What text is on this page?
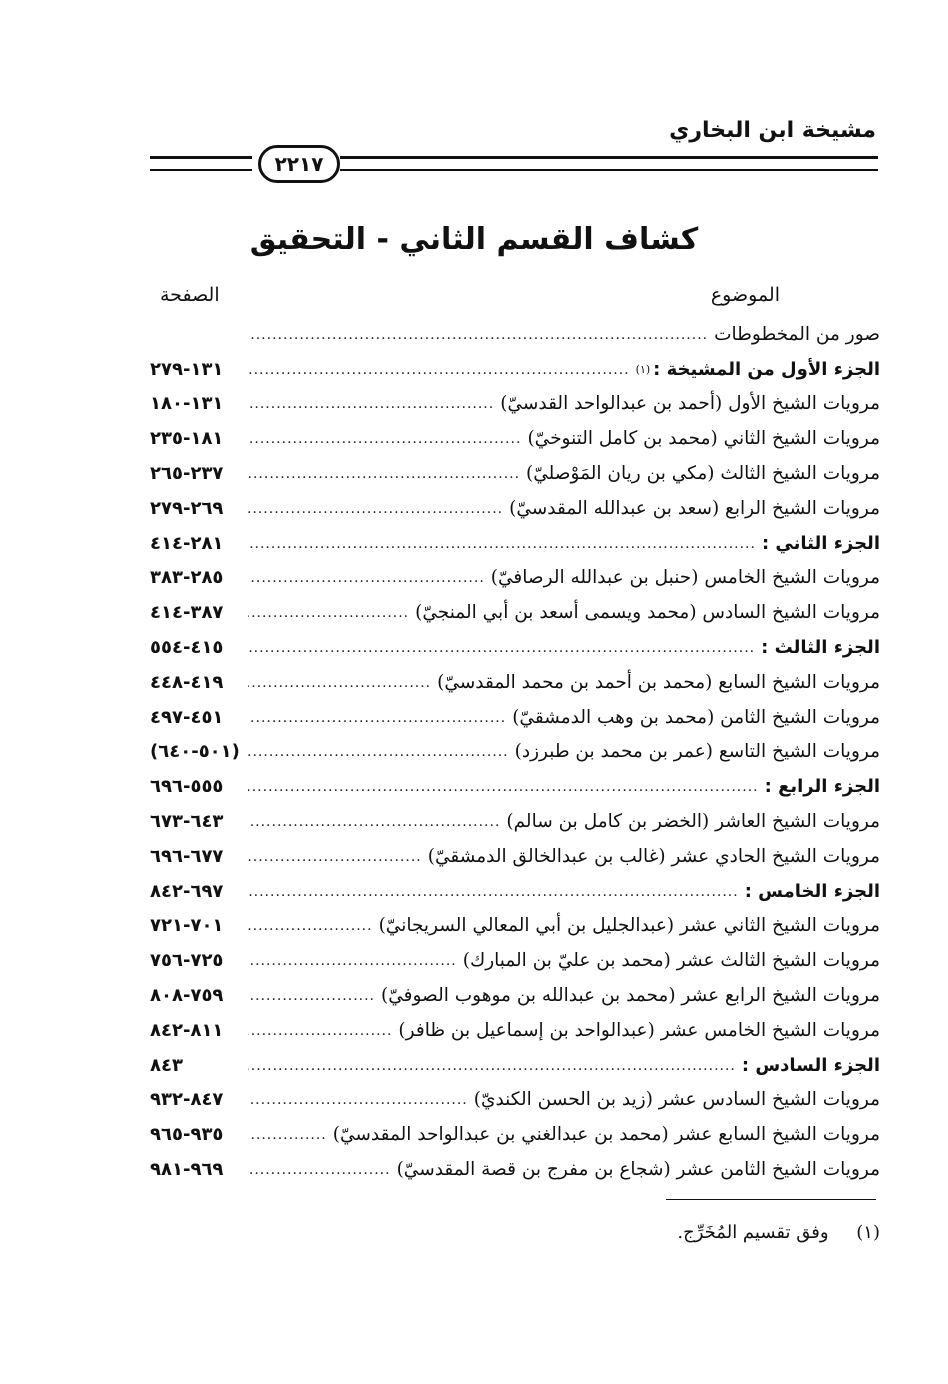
مشيخة ابن البخاري
٢٢١٧
كشاف القسم الثاني - التحقيق
الموضوع
الصفحة
صور من المخطوطات
.....
الجزء الأول من المشيخة :
(١)
.....
١٣١-٢٧٩
مرويات الشيخ الأول (أحمد بن عبدالواحد القدسيّ)
.....
١٣١-١٨٠
مرويات الشيخ الثاني (محمد بن كامل التنوخيّ)
.....
١٨١-٢٣٥
مرويات الشيخ الثالث (مكي بن ريان المَوْصليّ)
.....
٢٣٧-٢٦٥
مرويات الشيخ الرابع (سعد بن عبدالله المقدسيّ)
.....
٢٦٩-٢٧٩
الجزء الثاني :
.....
٢٨١-٤١٤
مرويات الشيخ الخامس (حنبل بن عبدالله الرصافيّ)
.....
٢٨٥-٣٨٣
مرويات الشيخ السادس (محمد ويسمى أسعد بن أبي المنجيّ)
.....
٣٨٧-٤١٤
الجزء الثالث :
.....
٤١٥-٥٥٤
مرويات الشيخ السابع (محمد بن أحمد بن محمد المقدسيّ)
.....
٤١٩-٤٤٨
مرويات الشيخ الثامن (محمد بن وهب الدمشقيّ)
.....
٤٥١-٤٩٧
مرويات الشيخ التاسع (عمر بن محمد بن طبرزد)
.....
(٥٠١-٦٤٠)
الجزء الرابع :
.....
٥٥٥-٦٩٦
مرويات الشيخ العاشر (الخضر بن كامل بن سالم)
.....
٦٤٣-٦٧٣
مرويات الشيخ الحادي عشر (غالب بن عبدالخالق الدمشقيّ)
.....
٦٧٧-٦٩٦
الجزء الخامس :
.....
٦٩٧-٨٤٢
مرويات الشيخ الثاني عشر (عبدالجليل بن أبي المعالي السريجانيّ)
.....
٧٠١-٧٢١
مرويات الشيخ الثالث عشر (محمد بن عليّ بن المبارك)
.....
٧٢٥-٧٥٦
مرويات الشيخ الرابع عشر (محمد بن عبدالله بن موهوب الصوفيّ)
.....
٧٥٩-٨٠٨
مرويات الشيخ الخامس عشر (عبدالواحد بن إسماعيل بن ظافر)
.....
٨١١-٨٤٢
الجزء السادس :
.....
٨٤٣
مرويات الشيخ السادس عشر (زيد بن الحسن الكنديّ)
.....
٨٤٧-٩٣٢
مرويات الشيخ السابع عشر (محمد بن عبدالغني بن عبدالواحد المقدسيّ)
.....
٩٣٥-٩٦٥
مرويات الشيخ الثامن عشر (شجاع بن مفرج بن قصة المقدسيّ)
.....
٩٦٩-٩٨١
(١) وفق تقسيم المُخَرِّج.
